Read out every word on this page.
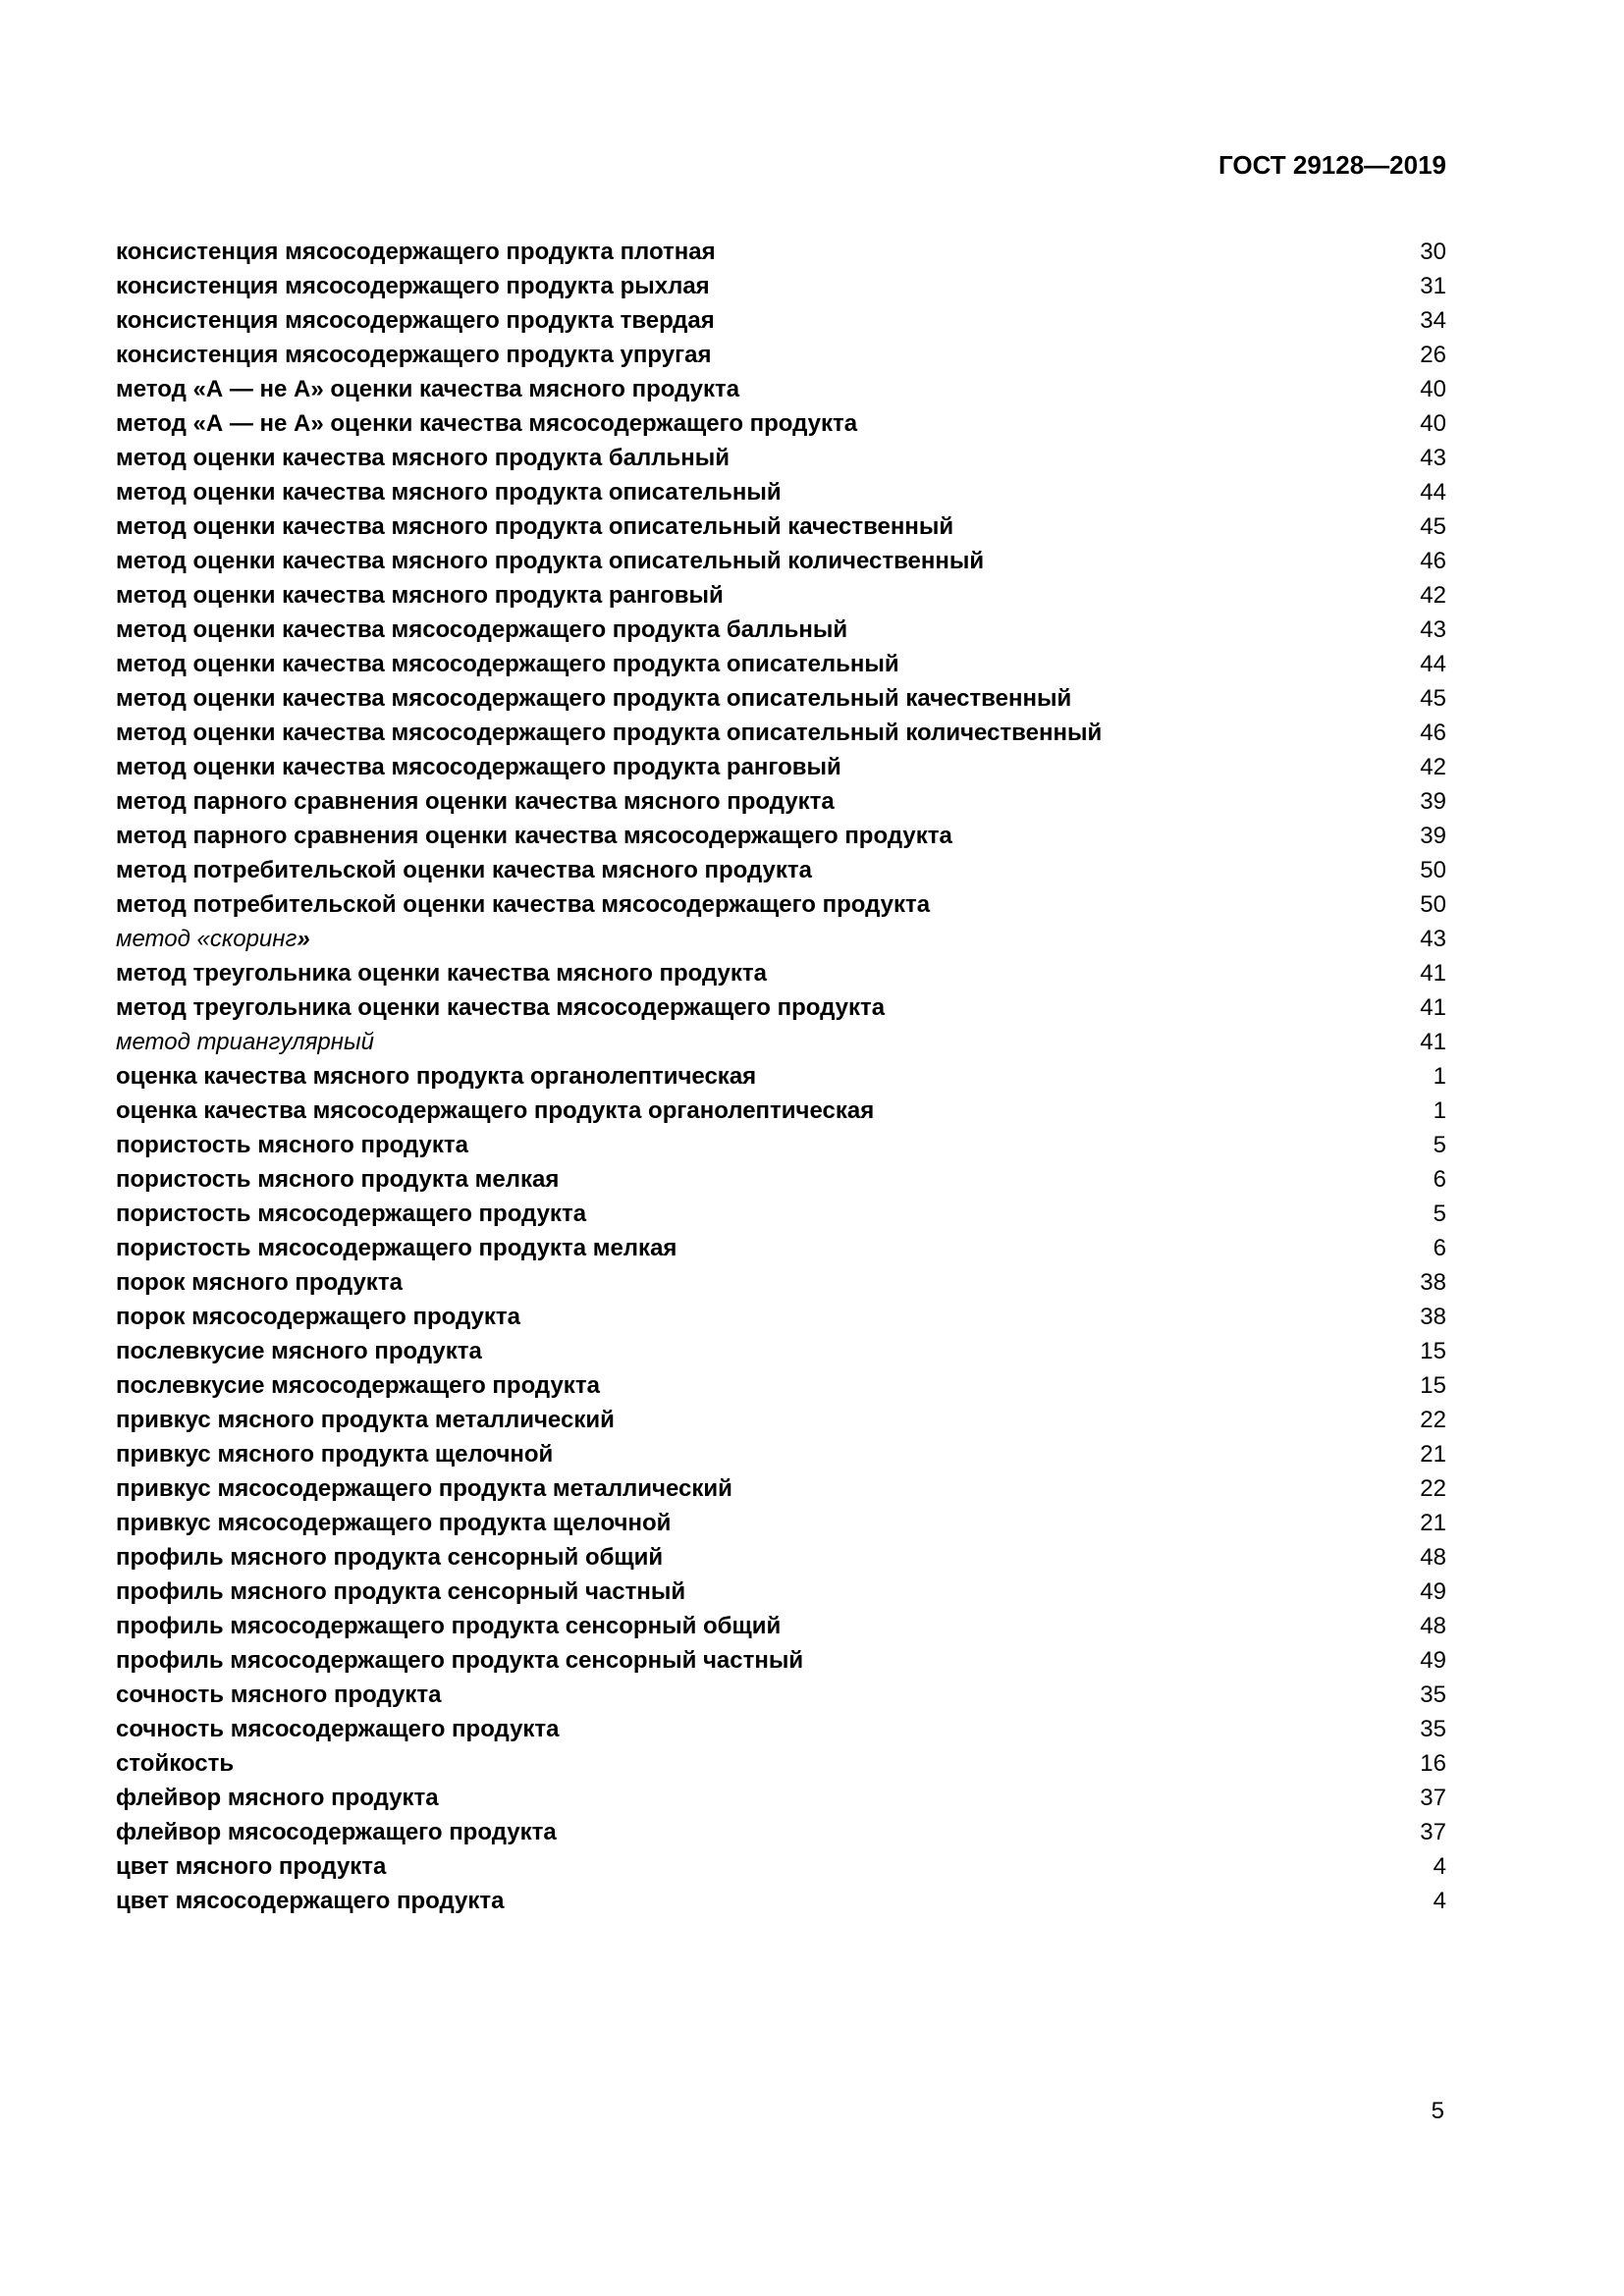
ГОСТ 29128—2019
консистенция мясосодержащего продукта плотная	30
консистенция мясосодержащего продукта рыхлая	31
консистенция мясосодержащего продукта твердая	34
консистенция мясосодержащего продукта упругая	26
метод «А — не А» оценки качества мясного продукта	40
метод «А — не А» оценки качества мясосодержащего продукта	40
метод оценки качества мясного продукта балльный	43
метод оценки качества мясного продукта описательный	44
метод оценки качества мясного продукта описательный качественный	45
метод оценки качества мясного продукта описательный количественный	46
метод оценки качества мясного продукта ранговый	42
метод оценки качества мясосодержащего продукта балльный	43
метод оценки качества мясосодержащего продукта описательный	44
метод оценки качества мясосодержащего продукта описательный качественный	45
метод оценки качества мясосодержащего продукта описательный количественный	46
метод оценки качества мясосодержащего продукта ранговый	42
метод парного сравнения оценки качества мясного продукта	39
метод парного сравнения оценки качества мясосодержащего продукта	39
метод потребительской оценки качества мясного продукта	50
метод потребительской оценки качества мясосодержащего продукта	50
метод «скоринг»	43
метод треугольника оценки качества мясного продукта	41
метод треугольника оценки качества мясосодержащего продукта	41
метод триангулярный	41
оценка качества мясного продукта органолептическая	1
оценка качества мясосодержащего продукта органолептическая	1
пористость мясного продукта	5
пористость мясного продукта мелкая	6
пористость мясосодержащего продукта	5
пористость мясосодержащего продукта мелкая	6
порок мясного продукта	38
порок мясосодержащего продукта	38
послевкусие мясного продукта	15
послевкусие мясосодержащего продукта	15
привкус мясного продукта металлический	22
привкус мясного продукта щелочной	21
привкус мясосодержащего продукта металлический	22
привкус мясосодержащего продукта щелочной	21
профиль мясного продукта сенсорный общий	48
профиль мясного продукта сенсорный частный	49
профиль мясосодержащего продукта сенсорный общий	48
профиль мясосодержащего продукта сенсорный частный	49
сочность мясного продукта	35
сочность мясосодержащего продукта	35
стойкость	16
флейвор мясного продукта	37
флейвор мясосодержащего продукта	37
цвет мясного продукта	4
цвет мясосодержащего продукта	4
5
